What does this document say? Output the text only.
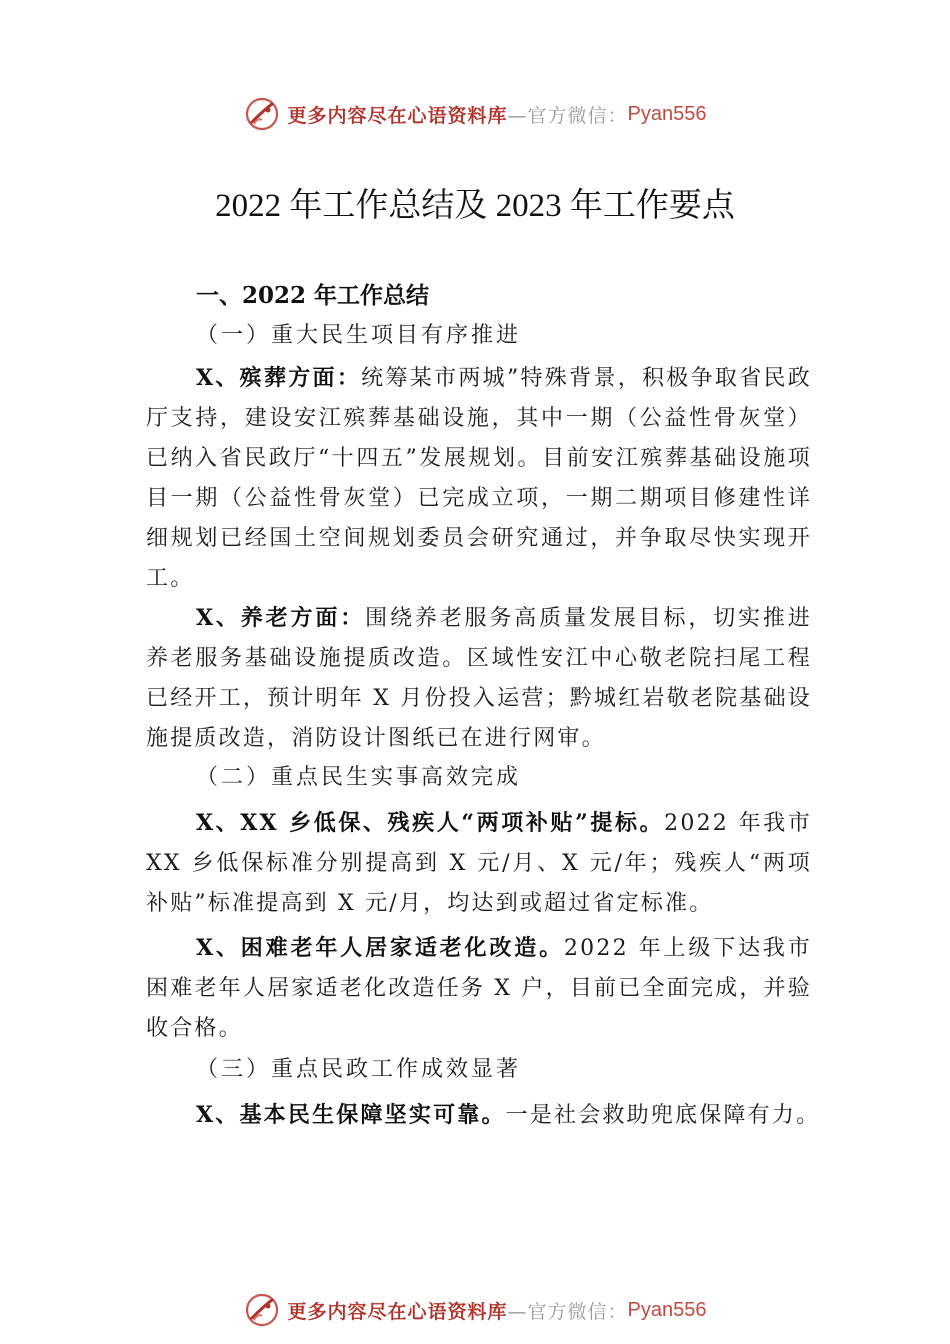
更多内容尽在心语资料库 —官方微信： Pyan556
2022 年工作总结及 2023 年工作要点
一、2022 年工作总结
（一）重大民生项目有序推进
X、殡葬方面：统筹某市两城”特殊背景，积极争取省民政厅支持，建设安江殡葬基础设施，其中一期（公益性骨灰堂）已纳入省民政厅“十四五”发展规划。目前安江殡葬基础设施项目一期（公益性骨灰堂）已完成立项，一期二期项目修建性详细规划已经国土空间规划委员会研究通过，并争取尽快实现开工。
X、养老方面：围绕养老服务高质量发展目标，切实推进养老服务基础设施提质改造。区域性安江中心敬老院扫尾工程已经开工，预计明年 X 月份投入运营；黔城红岩敬老院基础设施提质改造，消防设计图纸已在进行网审。
（二）重点民生实事高效完成
X、XX 乡低保、残疾人“两项补贴”提标。2022 年我市 XX 乡低保标准分别提高到 X 元/月、X 元/年；残疾人“两项补贴”标准提高到 X 元/月，均达到或超过省定标准。
X、困难老年人居家适老化改造。2022 年上级下达我市困难老年人居家适老化改造任务 X 户，目前已全面完成，并验收合格。
（三）重点民政工作成效显著
X、基本民生保障坚实可靠。一是社会救助兜底保障有力。
更多内容尽在心语资料库 —官方微信： Pyan556
